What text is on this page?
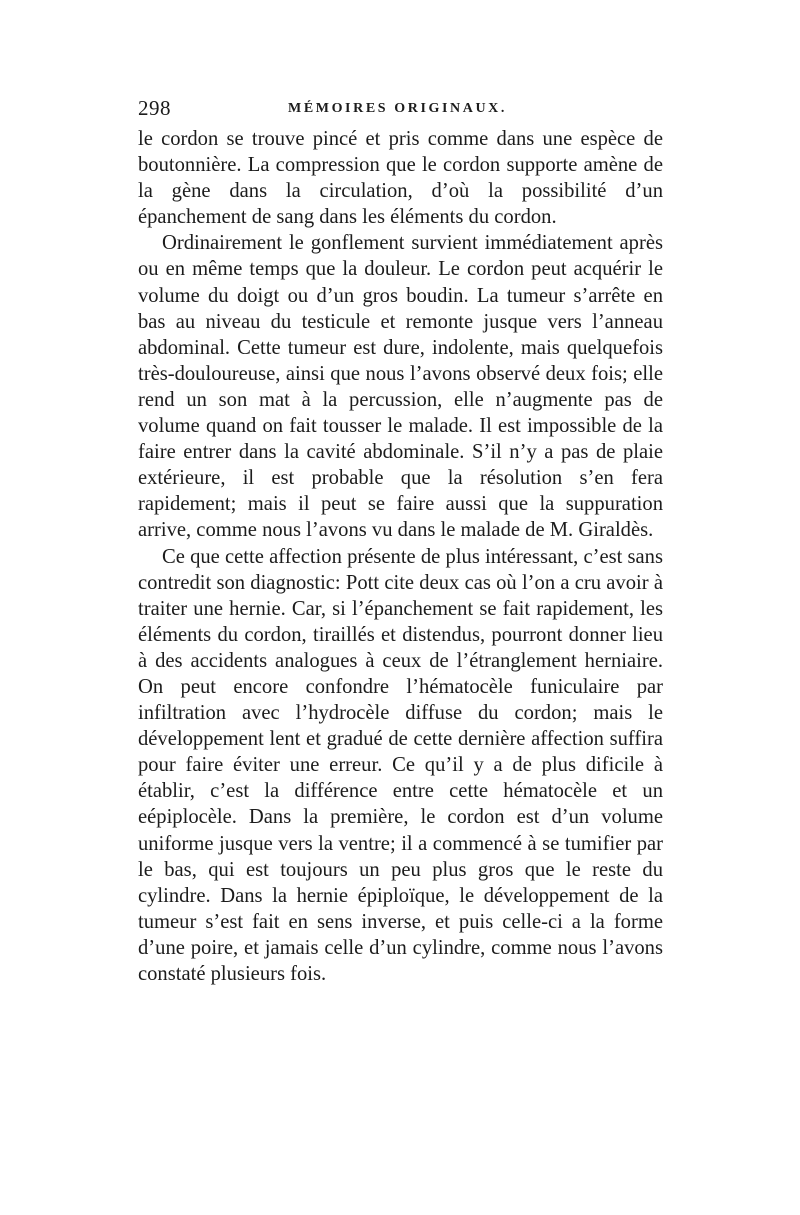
298	MÉMOIRES ORIGINAUX.

le cordon se trouve pincé et pris comme dans une espèce de boutonnière. La compression que le cordon supporte amène de la gène dans la circulation, d’où la possibilité d’un épanchement de sang dans les éléments du cordon.

Ordinairement le gonflement survient immédiatement après ou en même temps que la douleur. Le cordon peut acquérir le volume du doigt ou d’un gros boudin. La tumeur s’arrête en bas au niveau du testicule et remonte jusque vers l’anneau abdominal. Cette tumeur est dure, indolente, mais quelquefois très-douloureuse, ainsi que nous l’avons observé deux fois; elle rend un son mat à la percussion, elle n’augmente pas de volume quand on fait tousser le malade. Il est impossible de la faire entrer dans la cavité abdominale. S’il n’y a pas de plaie extérieure, il est probable que la résolution s’en fera rapidement; mais il peut se faire aussi que la suppuration arrive, comme nous l’avons vu dans le malade de M. Giraldès.

Ce que cette affection présente de plus intéressant, c’est sans contredit son diagnostic: Pott cite deux cas où l’on a cru avoir à traiter une hernie. Car, si l’épanchement se fait rapidement, les éléments du cordon, tiraillés et distendus, pourront donner lieu à des accidents analogues à ceux de l’étranglement herniaire. On peut encore confondre l’hématocèle funiculaire par infiltration avec l’hydrocèle diffuse du cordon; mais le développement lent et gradué de cette dernière affection suffira pour faire éviter une erreur. Ce qu’il y a de plus dificile à établir, c’est la différence entre cette hématocèle et un eépiplocèle. Dans la première, le cordon est d’un volume uniforme jusque vers la ventre; il a commencé à se tumifier par le bas, qui est toujours un peu plus gros que le reste du cylindre. Dans la hernie épiploïque, le développement de la tumeur s’est fait en sens inverse, et puis celle-ci a la forme d’une poire, et jamais celle d’un cylindre, comme nous l’avons constaté plusieurs fois.
